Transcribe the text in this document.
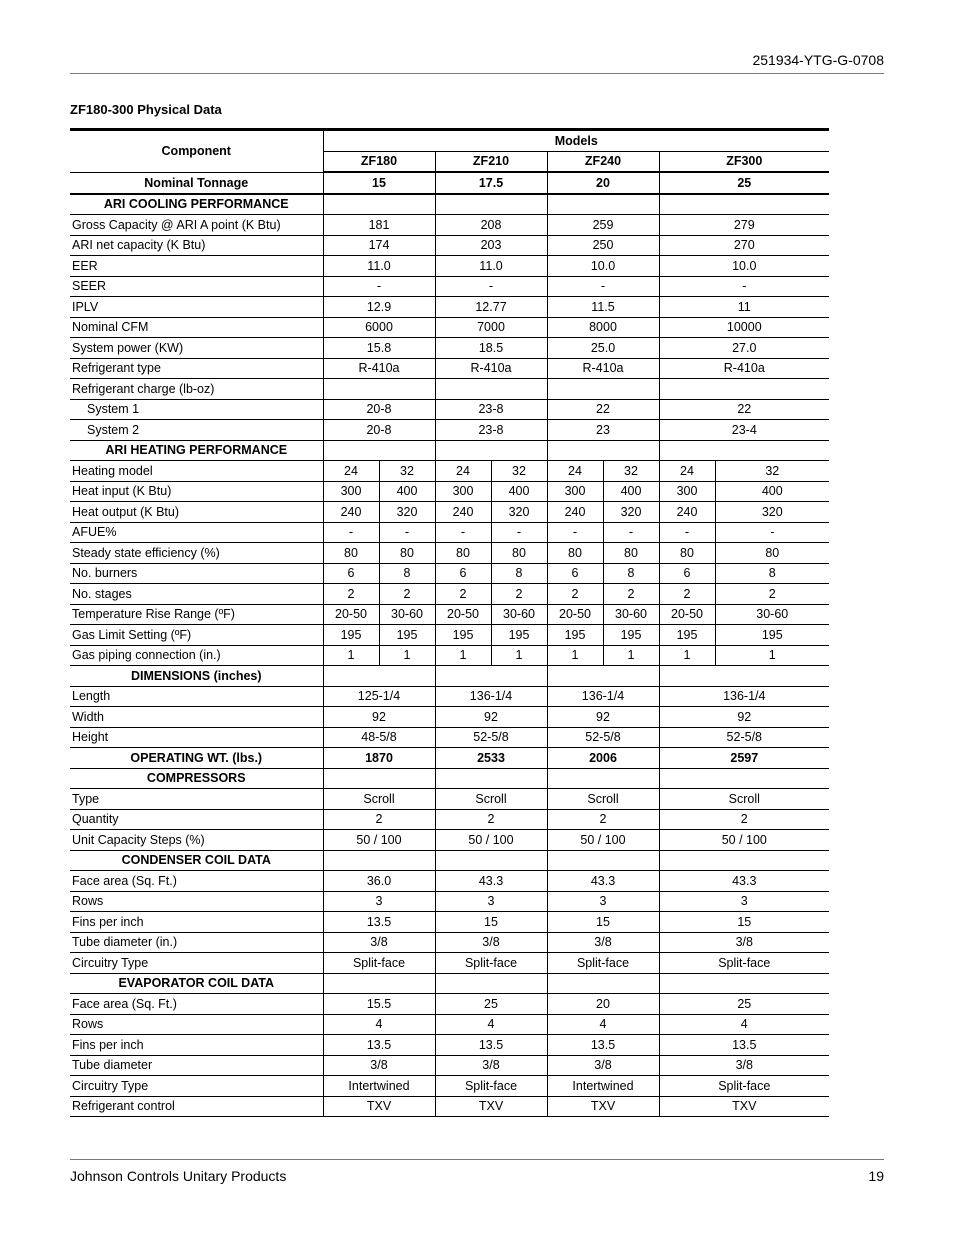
251934-YTG-G-0708
ZF180-300 Physical Data
Component	Models							
	ZF180		ZF210		ZF240		ZF300	
Nominal Tonnage	15		17.5		20		25	
ARI COOLING PERFORMANCE								
Gross Capacity @ ARI A point (K Btu)	181		208		259		279	
ARI net capacity (K Btu)	174		203		250		270	
EER	11.0		11.0		10.0		10.0	
SEER	-		-		-		-	
IPLV	12.9		12.77		11.5		11	
Nominal CFM	6000		7000		8000		10000	
System power (KW)	15.8		18.5		25.0		27.0	
Refrigerant type	R-410a		R-410a		R-410a		R-410a	
Refrigerant charge (lb-oz)								
System 1	20-8		23-8		22		22	
System 2	20-8		23-8		23		23-4	
ARI HEATING PERFORMANCE								
Heating model	24	32	24	32	24	32	24	32
Heat input (K Btu)	300	400	300	400	300	400	300	400
Heat output (K Btu)	240	320	240	320	240	320	240	320
AFUE%	-	-	-	-	-	-	-	-
Steady state efficiency (%)	80	80	80	80	80	80	80	80
No. burners	6	8	6	8	6	8	6	8
No. stages	2	2	2	2	2	2	2	2
Temperature Rise Range (ºF)	20-50	30-60	20-50	30-60	20-50	30-60	20-50	30-60
Gas Limit Setting (ºF)	195	195	195	195	195	195	195	195
Gas piping connection (in.)	1	1	1	1	1	1	1	1
DIMENSIONS (inches)								
Length	125-1/4		136-1/4		136-1/4		136-1/4	
Width	92		92		92		92	
Height	48-5/8		52-5/8		52-5/8		52-5/8	
OPERATING WT. (lbs.)	1870		2533		2006		2597	
COMPRESSORS								
Type	Scroll		Scroll		Scroll		Scroll	
Quantity	2		2		2		2	
Unit Capacity Steps (%)	50 / 100		50 / 100		50 / 100		50 / 100	
CONDENSER COIL DATA								
Face area (Sq. Ft.)	36.0		43.3		43.3		43.3	
Rows	3		3		3		3	
Fins per inch	13.5		15		15		15	
Tube diameter (in.)	3/8		3/8		3/8		3/8	
Circuitry Type	Split-face		Split-face		Split-face		Split-face	
EVAPORATOR COIL DATA								
Face area (Sq. Ft.)	15.5		25		20		25	
Rows	4		4		4		4	
Fins per inch	13.5		13.5		13.5		13.5	
Tube diameter	3/8		3/8		3/8		3/8	
Circuitry Type	Intertwined		Split-face		Intertwined		Split-face	
Refrigerant control	TXV		TXV		TXV		TXV	
Johnson Controls Unitary Products	19
